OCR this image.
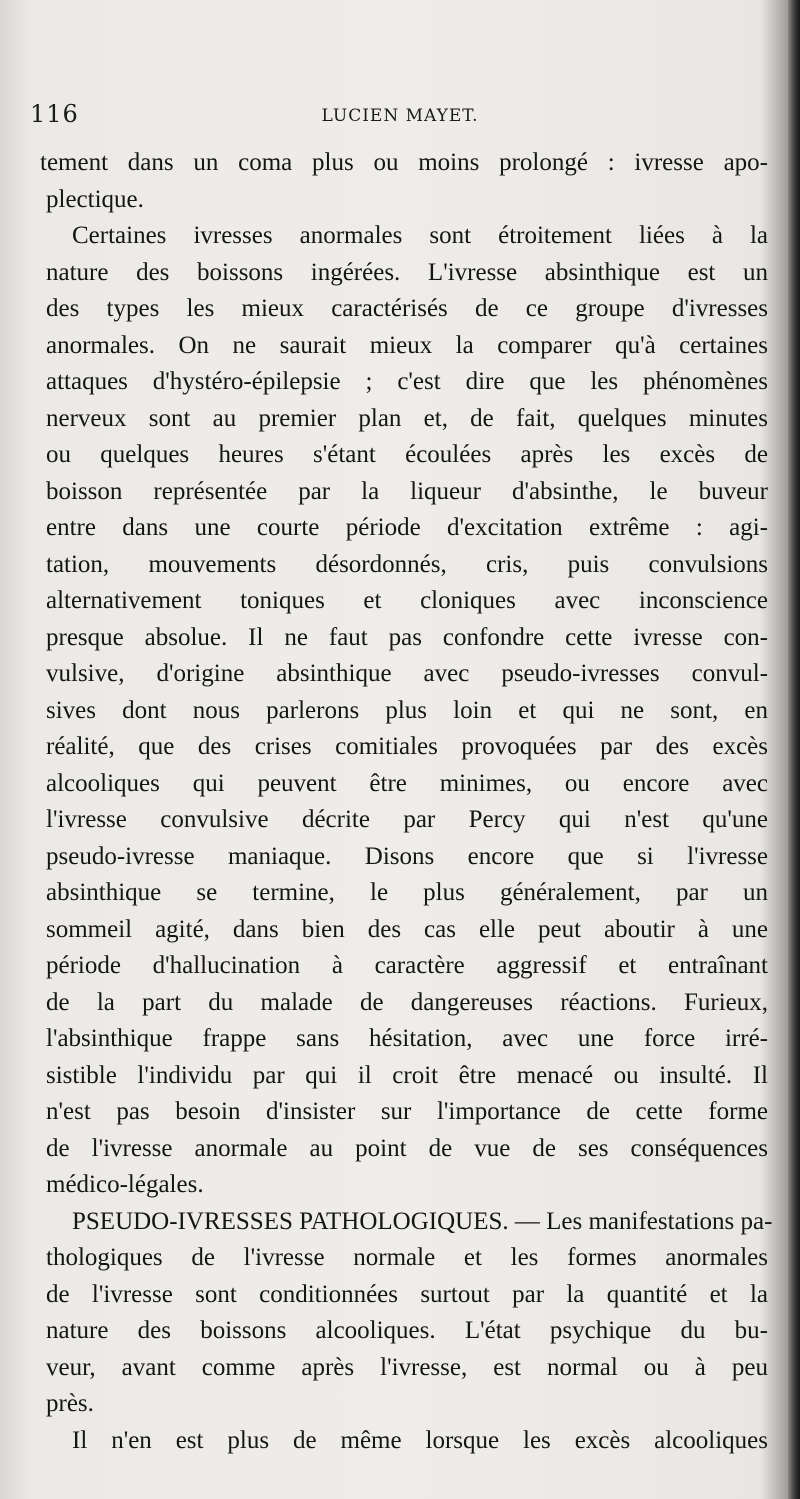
116	LUCIEN MAYET.
tement dans un coma plus ou moins prolongé : ivresse apo-
plectique.
Certaines ivresses anormales sont étroitement liées à la
nature des boissons ingérées. L'ivresse absinthique est un
des types les mieux caractérisés de ce groupe d'ivresses
anormales. On ne saurait mieux la comparer qu'à certaines
attaques d'hystéro-épilepsie ; c'est dire que les phénomènes
nerveux sont au premier plan et, de fait, quelques minutes
ou quelques heures s'étant écoulées après les excès de
boisson représentée par la liqueur d'absinthe, le buveur
entre dans une courte période d'excitation extrême : agi-
tation, mouvements désordonnés, cris, puis convulsions
alternativement toniques et cloniques avec inconscience
presque absolue. Il ne faut pas confondre cette ivresse con-
vulsive, d'origine absinthique avec pseudo-ivresses convul-
sives dont nous parlerons plus loin et qui ne sont, en
réalité, que des crises comitiales provoquées par des excès
alcooliques qui peuvent être minimes, ou encore avec
l'ivresse convulsive décrite par Percy qui n'est qu'une
pseudo-ivresse maniaque. Disons encore que si l'ivresse
absinthique se termine, le plus généralement, par un
sommeil agité, dans bien des cas elle peut aboutir à une
période d'hallucination à caractère aggressif et entraînant
de la part du malade de dangereuses réactions. Furieux,
l'absinthique frappe sans hésitation, avec une force irré-
sistible l'individu par qui il croit être menacé ou insulté. Il
n'est pas besoin d'insister sur l'importance de cette forme
de l'ivresse anormale au point de vue de ses conséquences
médico-légales.
PSEUDO-IVRESSES PATHOLOGIQUES. — Les manifestations pa-
thologiques de l'ivresse normale et les formes anormales
de l'ivresse sont conditionnées surtout par la quantité et la
nature des boissons alcooliques. L'état psychique du bu-
veur, avant comme après l'ivresse, est normal ou à peu
près.
Il n'en est plus de même lorsque les excès alcooliques
